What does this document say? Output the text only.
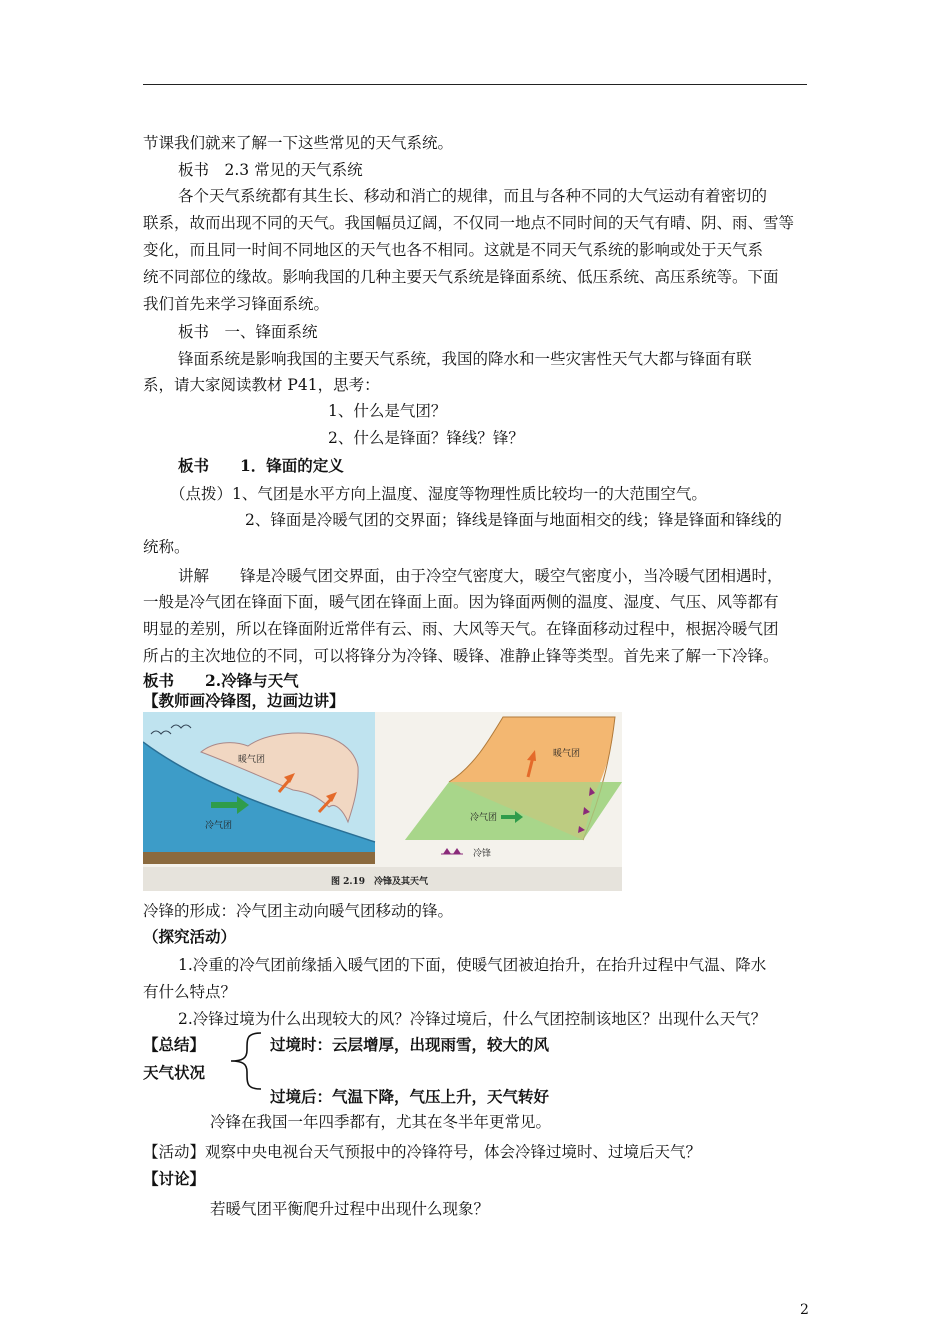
节课我们就来了解一下这些常见的天气系统。
板书　2.3 常见的天气系统
各个天气系统都有其生长、移动和消亡的规律，而且与各种不同的大气运动有着密切的
联系，故而出现不同的天气。我国幅员辽阔，不仅同一地点不同时间的天气有晴、阴、雨、雪等
变化，而且同一时间不同地区的天气也各不相同。这就是不同天气系统的影响或处于天气系
统不同部位的缘故。影响我国的几种主要天气系统是锋面系统、低压系统、高压系统等。下面
我们首先来学习锋面系统。
板书　一、锋面系统
锋面系统是影响我国的主要天气系统，我国的降水和一些灾害性天气大都与锋面有联
系，请大家阅读教材 P41，思考：
1、什么是气团？
2、什么是锋面？锋线？锋？
板书　　1．锋面的定义
（点拨）1、气团是水平方向上温度、湿度等物理性质比较均一的大范围空气。
2、锋面是冷暖气团的交界面；锋线是锋面与地面相交的线；锋是锋面和锋线的
统称。
讲解　　锋是冷暖气团交界面，由于冷空气密度大，暖空气密度小，当冷暖气团相遇时，
一般是冷气团在锋面下面，暖气团在锋面上面。因为锋面两侧的温度、湿度、气压、风等都有
明显的差别，所以在锋面附近常伴有云、雨、大风等天气。在锋面移动过程中，根据冷暖气团
所占的主次地位的不同，可以将锋分为冷锋、暖锋、准静止锋等类型。首先来了解一下冷锋。
板书　　2.冷锋与天气
【教师画冷锋图，边画边讲】
暖气团
冷气团
暖气团
冷气团
冷锋
图 2.19　冷锋及其天气
冷锋的形成：冷气团主动向暖气团移动的锋。
（探究活动）
1.冷重的冷气团前缘插入暖气团的下面，使暖气团被迫抬升，在抬升过程中气温、降水
有什么特点？
2.冷锋过境为什么出现较大的风？冷锋过境后，什么气团控制该地区？出现什么天气？
【总结】
天气状况
过境时：云层增厚，出现雨雪，较大的风
过境后：气温下降，气压上升，天气转好
冷锋在我国一年四季都有，尤其在冬半年更常见。
【活动】观察中央电视台天气预报中的冷锋符号，体会冷锋过境时、过境后天气？
【讨论】
若暖气团平衡爬升过程中出现什么现象？
2
